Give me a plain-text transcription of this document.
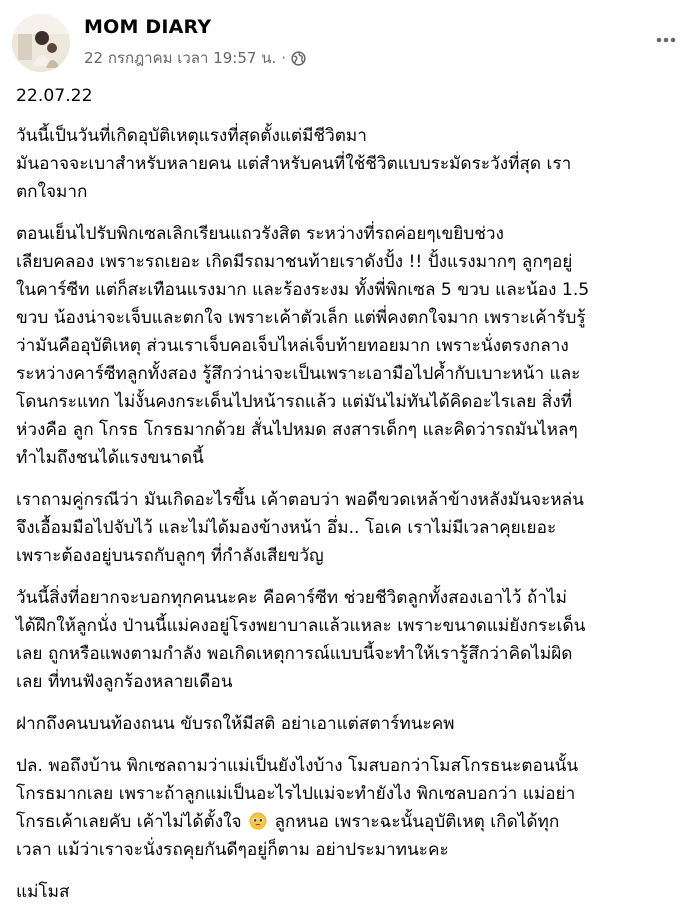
MOM DIARY
22 กรกฎาคม เวลา 19:57 น. ·
22.07.22
วันนี้เป็นวันที่เกิดอุบัติเหตุแรงที่สุดตั้งแต่มีชีวิตมา
มันอาจจะเบาสำหรับหลายคน แต่สำหรับคนที่ใช้ชีวิตแบบระมัดระวังที่สุด เรา
ตกใจมาก
ตอนเย็นไปรับพิกเซลเลิกเรียนแถวรังสิต ระหว่างที่รถค่อยๆเขยิบช่วง
เลียบคลอง เพราะรถเยอะ เกิดมีรถมาชนท้ายเราดังปั้ง !! ปั้งแรงมากๆ ลูกๆอยู่
ในคาร์ซีท แต่ก็สะเทือนแรงมาก และร้องระงม ทั้งพี่พิกเซล 5 ขวบ และน้อง 1.5
ขวบ น้องน่าจะเจ็บและตกใจ เพราะเค้าตัวเล็ก แต่พี่คงตกใจมาก เพราะเค้ารับรู้
ว่ามันคืออุบัติเหตุ ส่วนเราเจ็บคอเจ็บไหล่เจ็บท้ายทอยมาก เพราะนั่งตรงกลาง
ระหว่างคาร์ซีทลูกทั้งสอง รู้สึกว่าน่าจะเป็นเพราะเอามือไปค้ำกับเบาะหน้า และ
โดนกระแทก ไม่งั้นคงกระเด็นไปหน้ารถแล้ว แต่มันไม่ทันได้คิดอะไรเลย สิ่งที่
ห่วงคือ ลูก โกรธ โกรธมากด้วย สั่นไปหมด สงสารเด็กๆ และคิดว่ารถมันไหลๆ
ทำไมถึงชนได้แรงขนาดนี้
เราถามคู่กรณีว่า มันเกิดอะไรขึ้น เค้าตอบว่า พอดีขวดเหล้าข้างหลังมันจะหล่น
จึงเอื้อมมือไปจับไว้ และไม่ได้มองข้างหน้า อึ่ม.. โอเค เราไม่มีเวลาคุยเยอะ
เพราะต้องอยู่บนรถกับลูกๆ ที่กำลังเสียขวัญ
วันนี้สิ่งที่อยากจะบอกทุกคนนะคะ คือคาร์ซีท ช่วยชีวิตลูกทั้งสองเอาไว้ ถ้าไม่
ได้ฝึกให้ลูกนั่ง ป่านนี้แม่คงอยู่โรงพยาบาลแล้วแหละ เพราะขนาดแม่ยังกระเด็น
เลย ถูกหรือแพงตามกำลัง พอเกิดเหตุการณ์แบบนี้จะทำให้เรารู้สึกว่าคิดไม่ผิด
เลย ที่ทนฟังลูกร้องหลายเดือน
ฝากถึงคนบนท้องถนน ขับรถให้มีสติ อย่าเอาแต่สตาร์ทนะคพ
ปล. พอถึงบ้าน พิกเซลถามว่าแม่เป็นยังไงบ้าง โมสบอกว่าโมสโกรธนะตอนนั้น
โกรธมากเลย เพราะถ้าลูกแม่เป็นอะไรไปแม่จะทำยังไง พิกเซลบอกว่า แม่อย่า
โกรธเค้าเลยคับ เค้าไม่ได้ตั้งใจ ลูกหนอ เพราะฉะนั้นอุบัติเหตุ เกิดได้ทุก
เวลา แม้ว่าเราจะนั่งรถคุยกันดีๆอยู่ก็ตาม อย่าประมาทนะคะ
แม่โมส
